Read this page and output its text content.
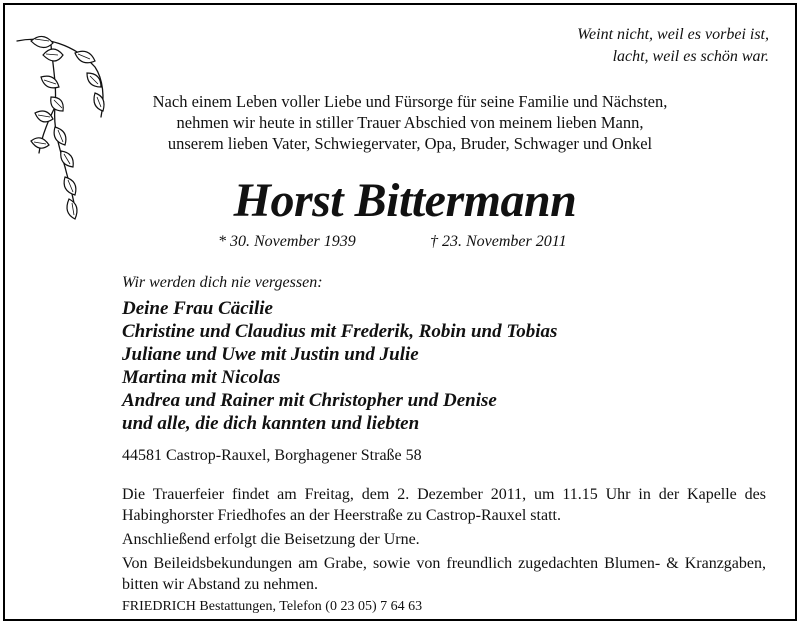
Weint nicht, weil es vorbei ist,
lacht, weil es schön war.
Nach einem Leben voller Liebe und Fürsorge für seine Familie und Nächsten,
nehmen wir heute in stiller Trauer Abschied von meinem lieben Mann,
unserem lieben Vater, Schwiegervater, Opa, Bruder, Schwager und Onkel
Horst Bittermann
* 30. November 1939	† 23. November 2011
Wir werden dich nie vergessen:
Deine Frau Cäcilie
Christine und Claudius mit Frederik, Robin und Tobias
Juliane und Uwe mit Justin und Julie
Martina mit Nicolas
Andrea und Rainer mit Christopher und Denise
und alle, die dich kannten und liebten
44581 Castrop-Rauxel, Borghagener Straße 58
Die Trauerfeier findet am Freitag, dem 2. Dezember 2011, um 11.15 Uhr in der Kapelle des Habinghorster Friedhofes an der Heerstraße zu Castrop-Rauxel statt.
Anschließend erfolgt die Beisetzung der Urne.
Von Beileidsbekundungen am Grabe, sowie von freundlich zugedachten Blumen- & Kranzgaben, bitten wir Abstand zu nehmen.
FRIEDRICH Bestattungen, Telefon (0 23 05) 7 64 63
